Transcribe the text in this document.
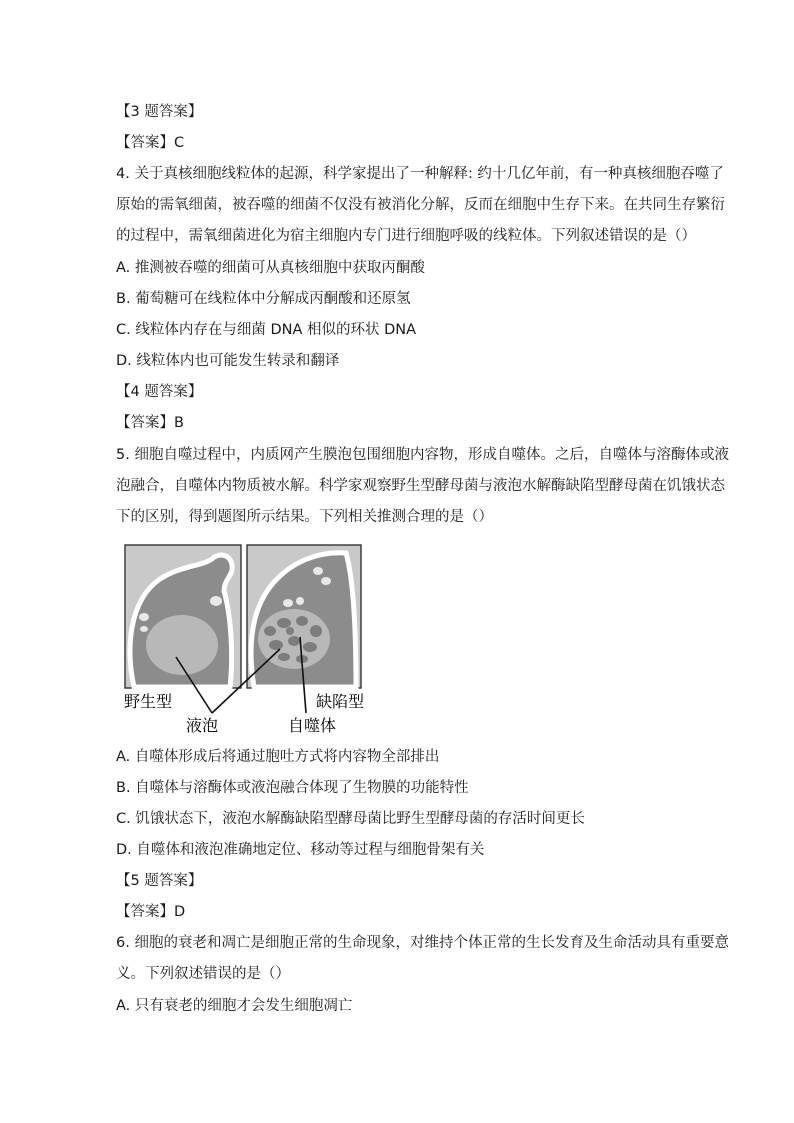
【3 题答案】
【答案】C
4. 关于真核细胞线粒体的起源，科学家提出了一种解释: 约十几亿年前，有一种真核细胞吞噬了
原始的需氧细菌，被吞噬的细菌不仅没有被消化分解，反而在细胞中生存下来。在共同生存繁衍
的过程中，需氧细菌进化为宿主细胞内专门进行细胞呼吸的线粒体。下列叙述错误的是（）
A. 推测被吞噬的细菌可从真核细胞中获取丙酮酸
B. 葡萄糖可在线粒体中分解成丙酮酸和还原氢
C. 线粒体内存在与细菌 DNA 相似的环状 DNA
D. 线粒体内也可能发生转录和翻译
【4 题答案】
【答案】B
5. 细胞自噬过程中，内质网产生膜泡包围细胞内容物，形成自噬体。之后，自噬体与溶酶体或液
泡融合，自噬体内物质被水解。科学家观察野生型酵母菌与液泡水解酶缺陷型酵母菌在饥饿状态
下的区别，得到题图所示结果。下列相关推测合理的是（）
野生型	缺陷型
液泡	自噬体
A. 自噬体形成后将通过胞吐方式将内容物全部排出
B. 自噬体与溶酶体或液泡融合体现了生物膜的功能特性
C. 饥饿状态下，液泡水解酶缺陷型酵母菌比野生型酵母菌的存活时间更长
D. 自噬体和液泡准确地定位、移动等过程与细胞骨架有关
【5 题答案】
【答案】D
6. 细胞的衰老和凋亡是细胞正常的生命现象，对维持个体正常的生长发育及生命活动具有重要意
义。下列叙述错误的是（）
A. 只有衰老的细胞才会发生细胞凋亡
